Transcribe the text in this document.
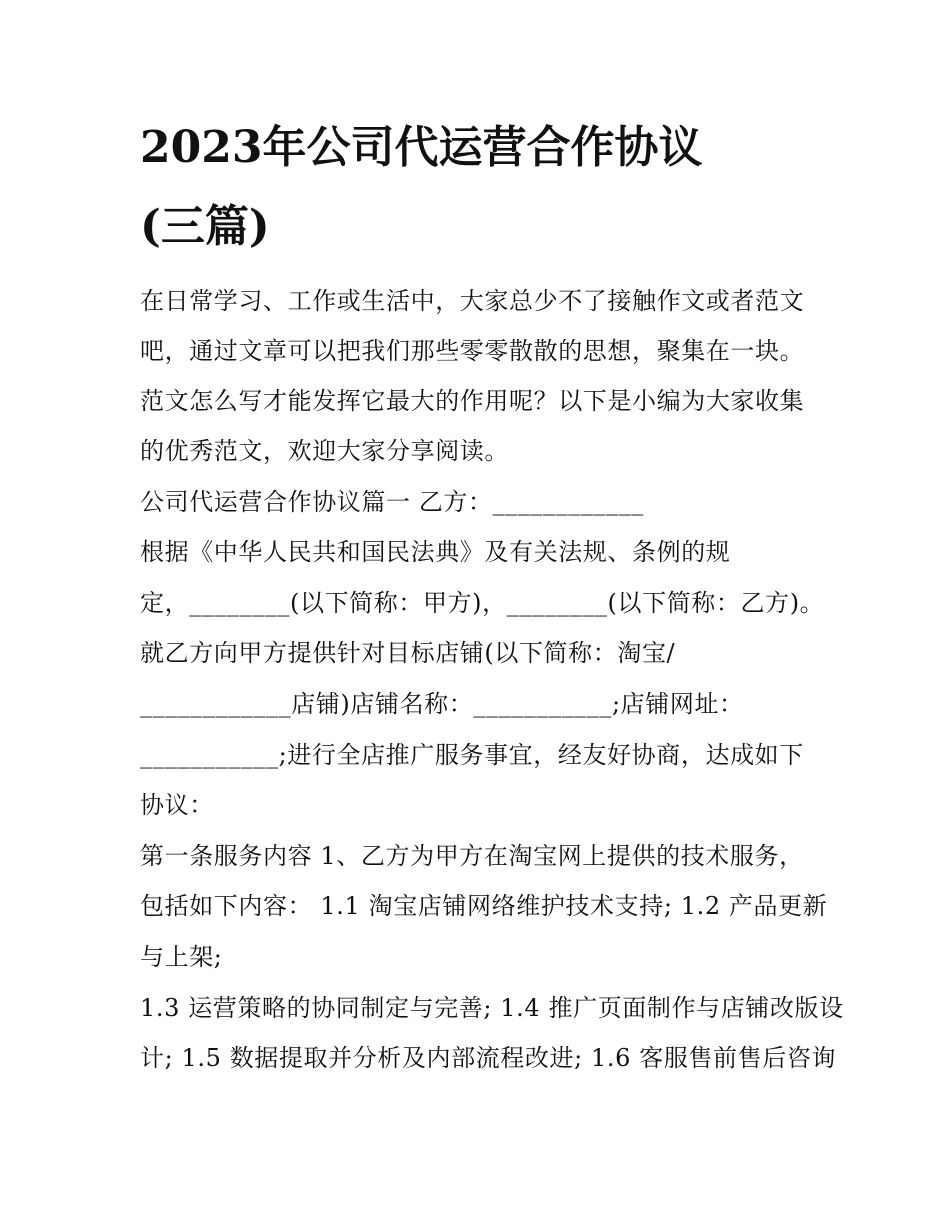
2023年公司代运营合作协议
(三篇)

在日常学习、工作或生活中，大家总少不了接触作文或者范文

吧，通过文章可以把我们那些零零散散的思想，聚集在一块。

范文怎么写才能发挥它最大的作用呢？以下是小编为大家收集

的优秀范文，欢迎大家分享阅读。

公司代运营合作协议篇一 乙方：____________

根据《中华人民共和国民法典》及有关法规、条例的规

定，________(以下简称：甲方)，________(以下简称：乙方)。

就乙方向甲方提供针对目标店铺(以下简称：淘宝/

____________店铺)店铺名称：___________;店铺网址：

___________;进行全店推广服务事宜，经友好协商，达成如下

协议：

第一条服务内容 1、乙方为甲方在淘宝网上提供的技术服务，

包括如下内容： 1.1 淘宝店铺网络维护技术支持; 1.2 产品更新

与上架;

1.3 运营策略的协同制定与完善; 1.4 推广页面制作与店铺改版设

计; 1.5 数据提取并分析及内部流程改进; 1.6 客服售前售后咨询
